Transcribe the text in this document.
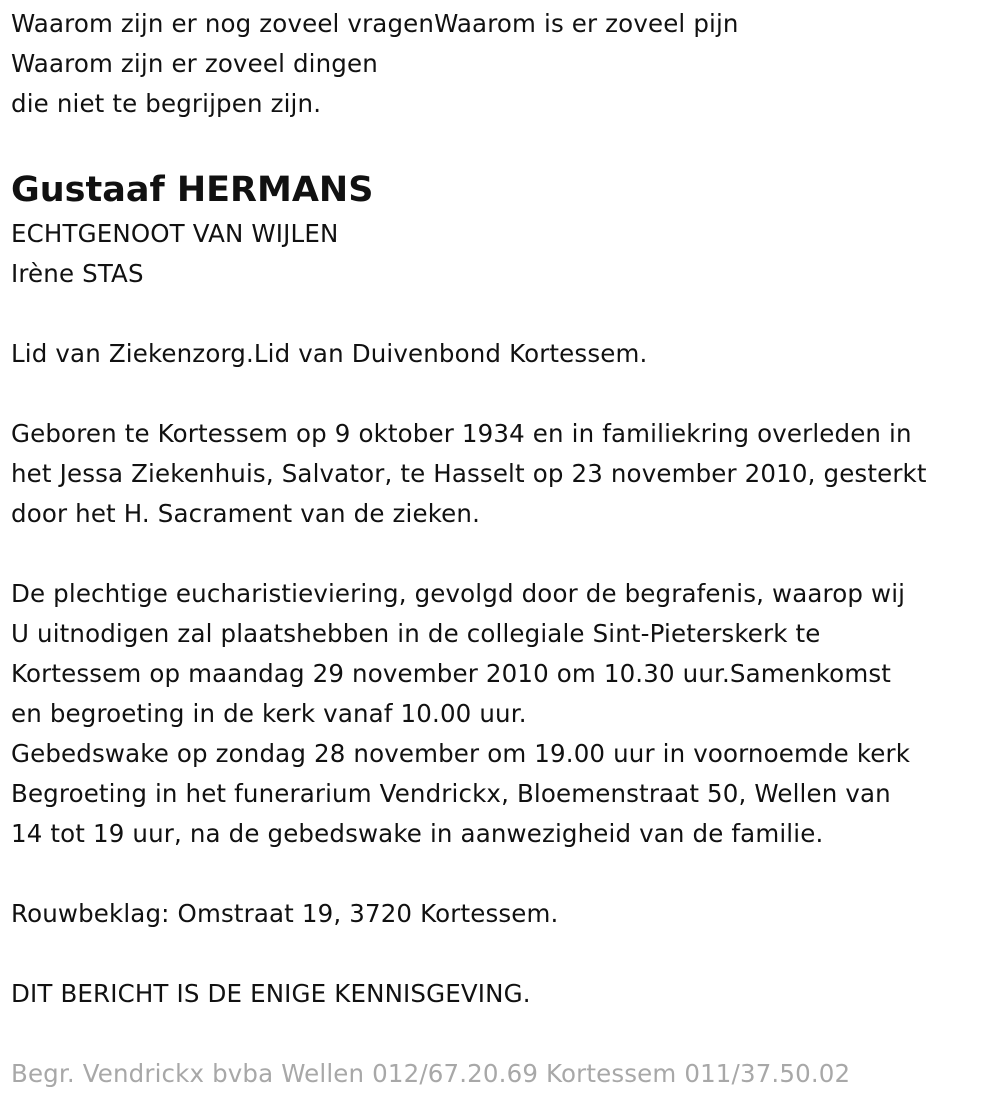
Waarom zijn er nog zoveel vragenWaarom is er zoveel pijn
Waarom zijn er zoveel dingen
die niet te begrijpen zijn.
Gustaaf HERMANS
ECHTGENOOT VAN WIJLEN
Irène STAS
Lid van Ziekenzorg.Lid van Duivenbond Kortessem.
Geboren te Kortessem op 9 oktober 1934 en in familiekring overleden in
het Jessa Ziekenhuis, Salvator, te Hasselt op 23 november 2010, gesterkt
door het H. Sacrament van de zieken.
De plechtige eucharistieviering, gevolgd door de begrafenis, waarop wij
U uitnodigen zal plaatshebben in de collegiale Sint-Pieterskerk te
Kortessem op maandag 29 november 2010 om 10.30 uur.Samenkomst
en begroeting in de kerk vanaf 10.00 uur.
Gebedswake op zondag 28 november om 19.00 uur in voornoemde kerk
Begroeting in het funerarium Vendrickx, Bloemenstraat 50, Wellen van
14 tot 19 uur, na de gebedswake in aanwezigheid van de familie.
Rouwbeklag: Omstraat 19, 3720 Kortessem.
DIT BERICHT IS DE ENIGE KENNISGEVING.
Begr. Vendrickx bvba Wellen 012/67.20.69 Kortessem 011/37.50.02
